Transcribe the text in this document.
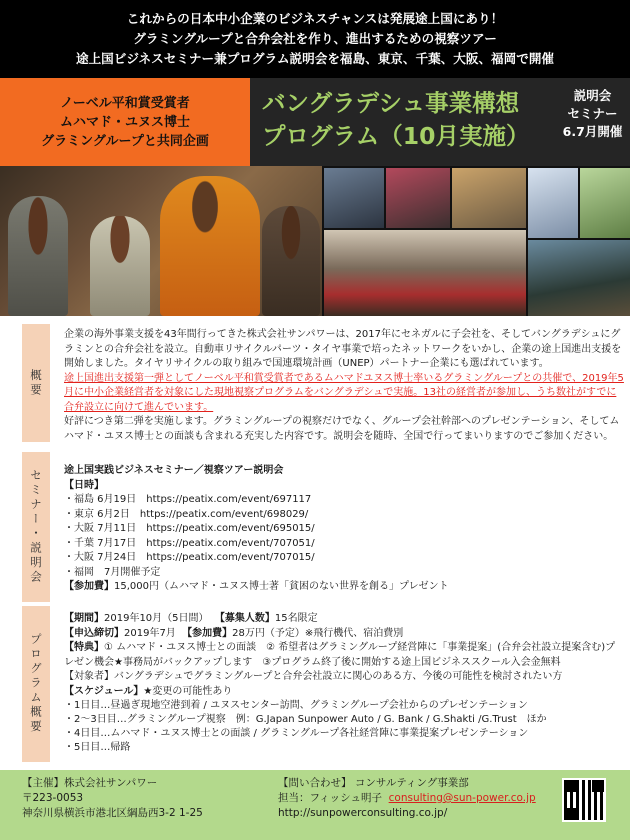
これからの日本中小企業のビジネスチャンスは発展途上国にあり！
グラミングループと合弁会社を作り、進出するための視察ツアー
途上国ビジネスセミナー兼プログラム説明会を福島、東京、千葉、大阪、福岡で開催
ノーベル平和賞受賞者
ムハマド・ユヌス博士
グラミングループと共同企画
バングラデシュ事業構想
プログラム（10月実施）
説明会
セミナー
6.7月開催
概要
企業の海外事業支援を43年間行ってきた株式会社サンパワーは、2017年にセネガルに子会社を、そしてバングラデシュにグラミンとの合弁会社を設立。自動車リサイクルパーツ・タイヤ事業で培ったネットワークをいかし、企業の途上国進出支援を開始しました。タイヤリサイクルの取り組みで国連環境計画（UNEP）パートナー企業にも選ばれています。
途上国進出支援第一弾としてノーベル平和賞受賞者であるムハマドユヌス博士率いるグラミングループとの共催で、2019年5月に中小企業経営者を対象にした現地視察プログラムをバングラデシュで実施。13社の経営者が参加し、うち数社がすでに合弁設立に向けて進んでいます。
好評につき第二弾を実施します。グラミングループの視察だけでなく、グループ会社幹部へのプレゼンテーション、そしてムハマド・ユヌス博士との面談も含まれる充実した内容です。説明会を随時、全国で行ってまいりますのでご参加ください。
セミナー・説明会 途上国実践ビジネスセミナー／視察ツアー説明会
【日時】
・福島 6月19日　https://peatix.com/event/697117
・東京 6月2日　https://peatix.com/event/698029/
・大阪 7月11日　https://peatix.com/event/695015/
・千葉 7月17日　https://peatix.com/event/707051/
・大阪 7月24日　https://peatix.com/event/707015/
・福岡　7月開催予定
【参加費】15,000円（ムハマド・ユヌス博士著「貧困のない世界を創る」プレゼント
プログラム概要
【期間】2019年10月（5日間） 【募集人数】15名限定
【申込締切】2019年7月 【参加費】28万円（予定）※飛行機代、宿泊費別
【特典】① ムハマド・ユヌス博士との面談　② 希望者はグラミングループ経営陣に「事業提案」(合弁会社設立提案含む)プレゼン機会★事務局がバックアップします　③プログラム終了後に開始する途上国ビジネススクール入会金無料
【対象者】バングラデシュでグラミングループと合弁会社設立に関心のある方、今後の可能性を検討されたい方
【スケジュール】★変更の可能性あり
・1日目…昼過ぎ現地空港到着 / ユヌスセンター訪問、グラミングループ会社からのプレゼンテーション
・2～3日目…グラミングループ視察　例：G.Japan Sunpower Auto / G. Bank / G.Shakti /G.Trust　ほか
・4日目…ムハマド・ユヌス博士との面談 / グラミングループ各社経営陣に事業提案プレゼンテーション
・5日目…帰路
【主催】株式会社サンパワー
〒223-0053
神奈川県横浜市港北区綱島西3-2 1-25
【問い合わせ】 コンサルティング事業部
担当：フィッシュ明子 consulting@sun-power.co.jp
http://sunpowerconsulting.co.jp/
